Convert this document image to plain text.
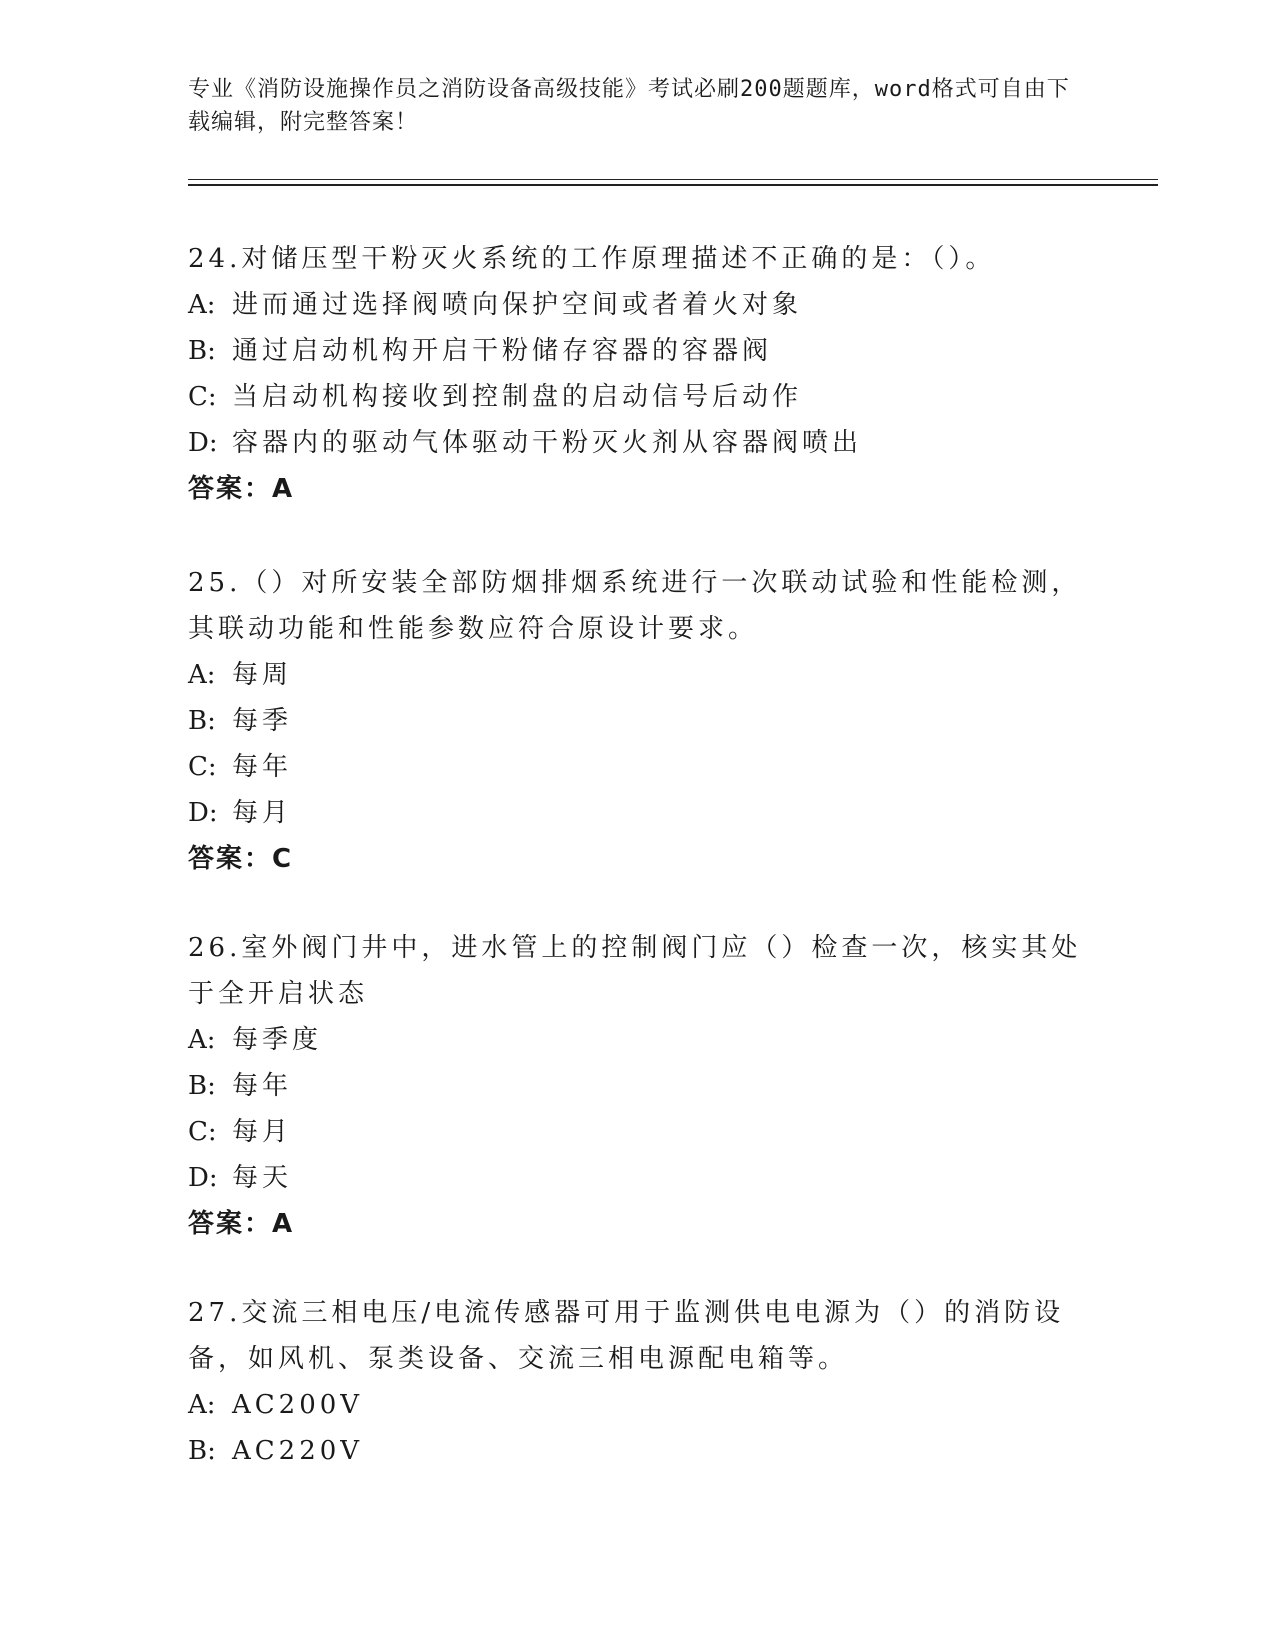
专业《消防设施操作员之消防设备高级技能》考试必刷200题题库，word格式可自由下载编辑，附完整答案！
24.对储压型干粉灭火系统的工作原理描述不正确的是：（）。
A: 进而通过选择阀喷向保护空间或者着火对象
B: 通过启动机构开启干粉储存容器的容器阀
C: 当启动机构接收到控制盘的启动信号后动作
D: 容器内的驱动气体驱动干粉灭火剂从容器阀喷出
答案：A
25.（）对所安装全部防烟排烟系统进行一次联动试验和性能检测，其联动功能和性能参数应符合原设计要求。
A: 每周
B: 每季
C: 每年
D: 每月
答案：C
26.室外阀门井中，进水管上的控制阀门应（）检查一次，核实其处于全开启状态
A: 每季度
B: 每年
C: 每月
D: 每天
答案：A
27.交流三相电压/电流传感器可用于监测供电电源为（）的消防设备，如风机、泵类设备、交流三相电源配电箱等。
A: AC200V
B: AC220V
